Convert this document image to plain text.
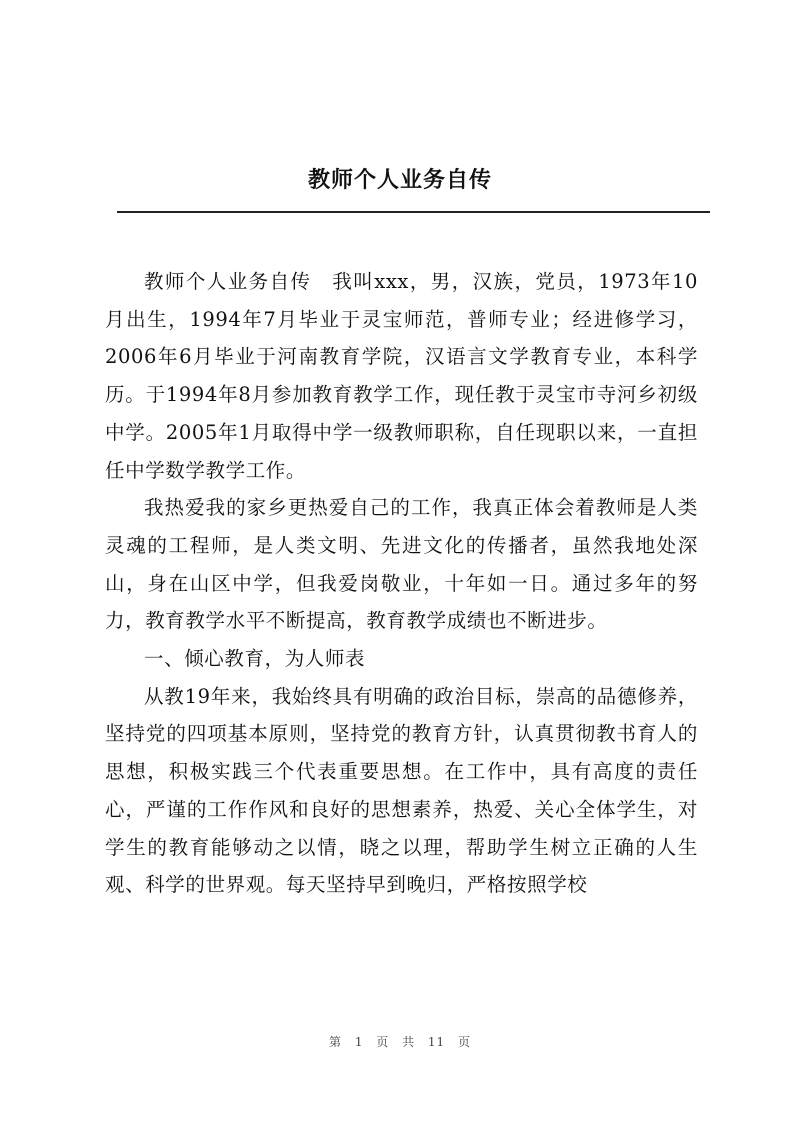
教师个人业务自传

教师个人业务自传　我叫xxx，男，汉族，党员，1973年10月出生，1994年7月毕业于灵宝师范，普师专业；经进修学习，2006年6月毕业于河南教育学院，汉语言文学教育专业，本科学历。于1994年8月参加教育教学工作，现任教于灵宝市寺河乡初级中学。2005年1月取得中学一级教师职称，自任现职以来，一直担任中学数学教学工作。

我热爱我的家乡更热爱自己的工作，我真正体会着教师是人类灵魂的工程师，是人类文明、先进文化的传播者，虽然我地处深山，身在山区中学，但我爱岗敬业，十年如一日。通过多年的努力，教育教学水平不断提高，教育教学成绩也不断进步。

一、倾心教育，为人师表

从教19年来，我始终具有明确的政治目标，崇高的品德修养，坚持党的四项基本原则，坚持党的教育方针，认真贯彻教书育人的思想，积极实践三个代表重要思想。在工作中，具有高度的责任心，严谨的工作作风和良好的思想素养，热爱、关心全体学生，对学生的教育能够动之以情，晓之以理，帮助学生树立正确的人生观、科学的世界观。每天坚持早到晚归，严格按照学校

第 1 页 共 11 页
